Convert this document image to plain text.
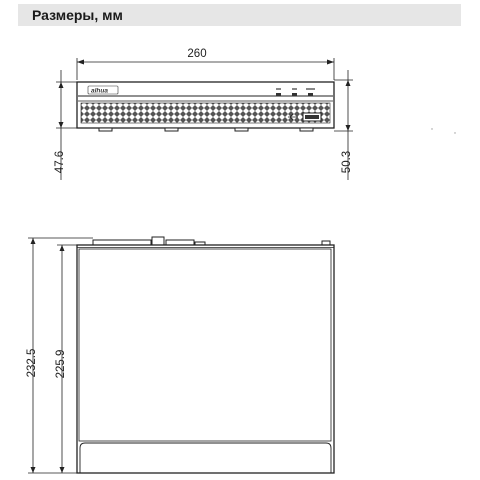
Размеры, мм
alhua
260
47.6	50.3
232.5 225.9
